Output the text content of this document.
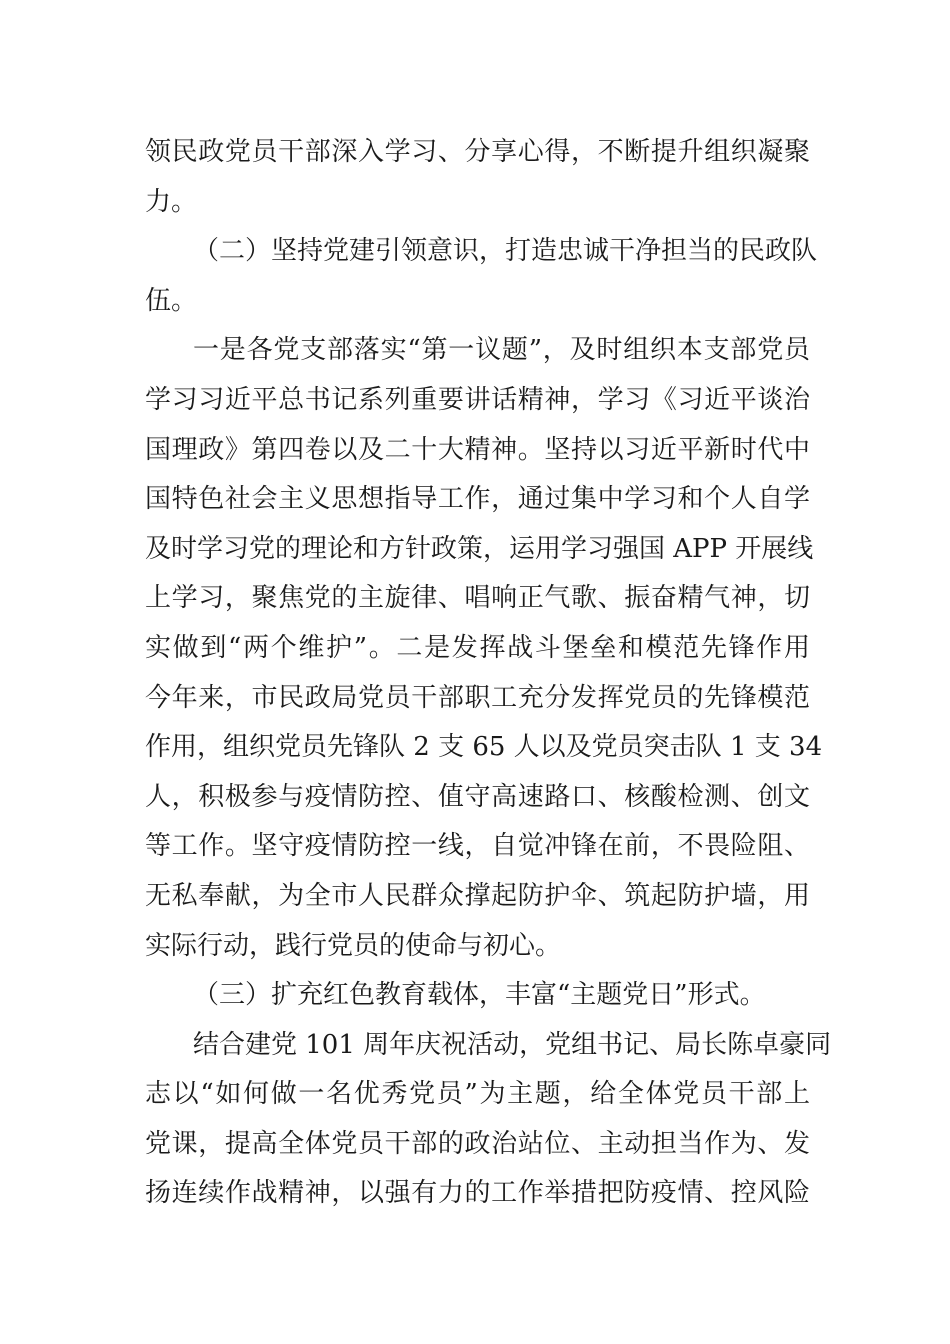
领民政党员干部深入学习、分享心得，不断提升组织凝聚
力。
（二）坚持党建引领意识，打造忠诚干净担当的民政队
伍。
一是各党支部落实“第一议题”，及时组织本支部党员
学习习近平总书记系列重要讲话精神，学习《习近平谈治
国理政》第四卷以及二十大精神。坚持以习近平新时代中
国特色社会主义思想指导工作，通过集中学习和个人自学
及时学习党的理论和方针政策，运用学习强国 APP 开展线
上学习，聚焦党的主旋律、唱响正气歌、振奋精气神，切
实做到“两个维护”。二是发挥战斗堡垒和模范先锋作用
今年来，市民政局党员干部职工充分发挥党员的先锋模范
作用，组织党员先锋队 2 支 65 人以及党员突击队 1 支 34
人，积极参与疫情防控、值守高速路口、核酸检测、创文
等工作。坚守疫情防控一线，自觉冲锋在前，不畏险阻、
无私奉献，为全市人民群众撑起防护伞、筑起防护墙，用
实际行动，践行党员的使命与初心。
（三）扩充红色教育载体，丰富“主题党日”形式。
结合建党 101 周年庆祝活动，党组书记、局长陈卓豪同
志以“如何做一名优秀党员”为主题，给全体党员干部上
党课，提高全体党员干部的政治站位、主动担当作为、发
扬连续作战精神，以强有力的工作举措把防疫情、控风险
